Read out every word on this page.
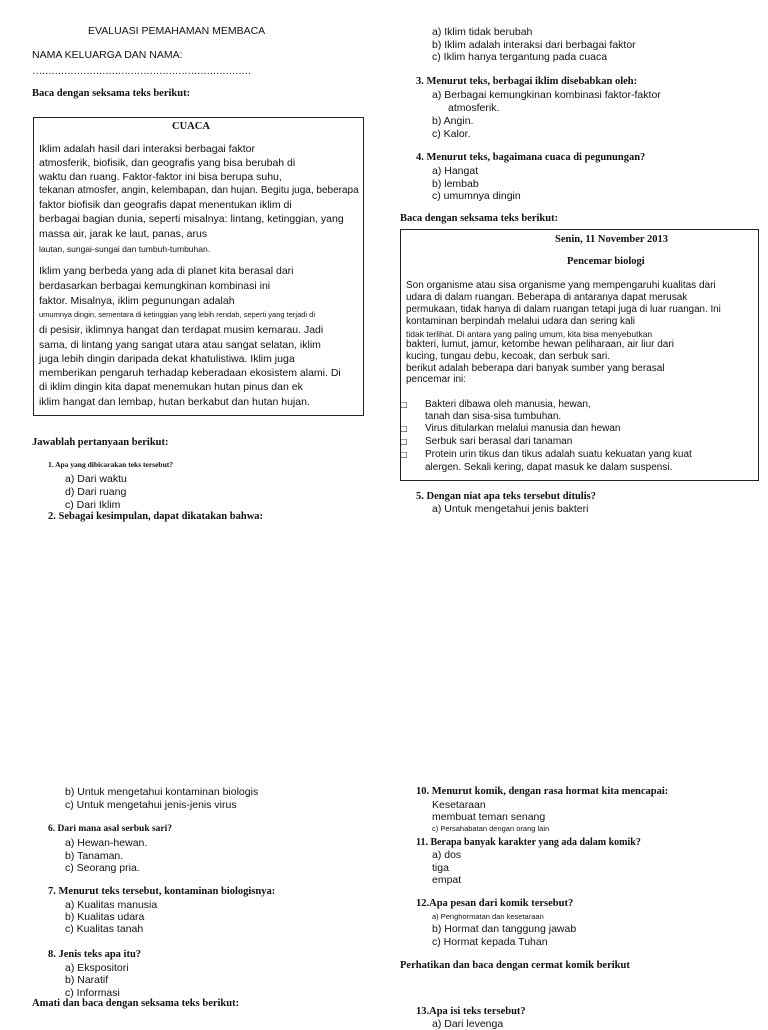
EVALUASI PEMAHAMAN MEMBACA
NAMA KELUARGA DAN NAMA:
……………………………………………………………
Baca dengan seksama teks berikut:
CUACA
Iklim adalah hasil dari interaksi berbagai faktor
atmosferik, biofisik, dan geografis yang bisa berubah di
waktu dan ruang. Faktor-faktor ini bisa berupa suhu,
tekanan atmosfer, angin, kelembapan, dan hujan. Begitu juga, beberapa
faktor biofisik dan geografis dapat menentukan iklim di
berbagai bagian dunia, seperti misalnya: lintang, ketinggian, yang
massa air, jarak ke laut, panas, arus
lautan, sungai-sungai dan tumbuh-tumbuhan.
Iklim yang berbeda yang ada di planet kita berasal dari
berdasarkan berbagai kemungkinan kombinasi ini
faktor. Misalnya, iklim pegunungan adalah
umumnya dingin, sementara di ketinggian yang lebih rendah, seperti yang terjadi di
di pesisir, iklimnya hangat dan terdapat musim kemarau. Jadi
sama, di lintang yang sangat utara atau sangat selatan, iklim
juga lebih dingin daripada dekat khatulistiwa. Iklim juga
memberikan pengaruh terhadap keberadaan ekosistem alami. Di
di iklim dingin kita dapat menemukan hutan pinus dan ek
iklim hangat dan lembap, hutan berkabut dan hutan hujan.
Jawablah pertanyaan berikut:
1. Apa yang dibicarakan teks tersebut?
a) Dari waktu
d) Dari ruang
c) Dari Iklim
2. Sebagai kesimpulan, dapat dikatakan bahwa:
a) Iklim tidak berubah
b) Iklim adalah interaksi dari berbagai faktor
c) Iklim hanya tergantung pada cuaca
3. Menurut teks, berbagai iklim disebabkan oleh:
a) Berbagai kemungkinan kombinasi faktor-faktor
atmosferik.
b) Angin.
c) Kalor.
4. Menurut teks, bagaimana cuaca di pegunungan?
a) Hangat
b) lembab
c) umumnya dingin
Baca dengan seksama teks berikut:
Senin, 11 November 2013
Pencemar biologi
Son organisme atau sisa organisme yang mempengaruhi kualitas dari
udara di dalam ruangan. Beberapa di antaranya dapat merusak
permukaan, tidak hanya di dalam ruangan tetapi juga di luar ruangan. Ini
kontaminan berpindah melalui udara dan sering kali
tidak terlihat. Di antara yang paling umum, kita bisa menyebutkan
bakteri, lumut, jamur, ketombe hewan peliharaan, air liur dari
kucing, tungau debu, kecoak, dan serbuk sari.
berikut adalah beberapa dari banyak sumber yang berasal
pencemar ini:
□ Bakteri dibawa oleh manusia, hewan,
tanah dan sisa-sisa tumbuhan.
□ Virus ditularkan melalui manusia dan hewan
□ Serbuk sari berasal dari tanaman
□ Protein urin tikus dan tikus adalah suatu kekuatan yang kuat
alergen. Sekali kering, dapat masuk ke dalam suspensi.
5. Dengan niat apa teks tersebut ditulis?
a) Untuk mengetahui jenis bakteri
b) Untuk mengetahui kontaminan biologis
c) Untuk mengetahui jenis-jenis virus
6. Dari mana asal serbuk sari?
a) Hewan-hewan.
b) Tanaman.
c) Seorang pria.
7. Menurut teks tersebut, kontaminan biologisnya:
a) Kualitas manusia
b) Kualitas udara
c) Kualitas tanah
8. Jenis teks apa itu?
a) Ekspositori
b) Naratif
c) Informasi
Amati dan baca dengan seksama teks berikut:
10. Menurut komik, dengan rasa hormat kita mencapai:
Kesetaraan
membuat teman senang
c) Persahabatan dengan orang lain
11. Berapa banyak karakter yang ada dalam komik?
a) dos
tiga
empat
12.Apa pesan dari komik tersebut?
a) Penghormatan dan kesetaraan
b) Hormat dan tanggung jawab
c) Hormat kepada Tuhan
Perhatikan dan baca dengan cermat komik berikut
13.Apa isi teks tersebut?
a) Dari levenga
